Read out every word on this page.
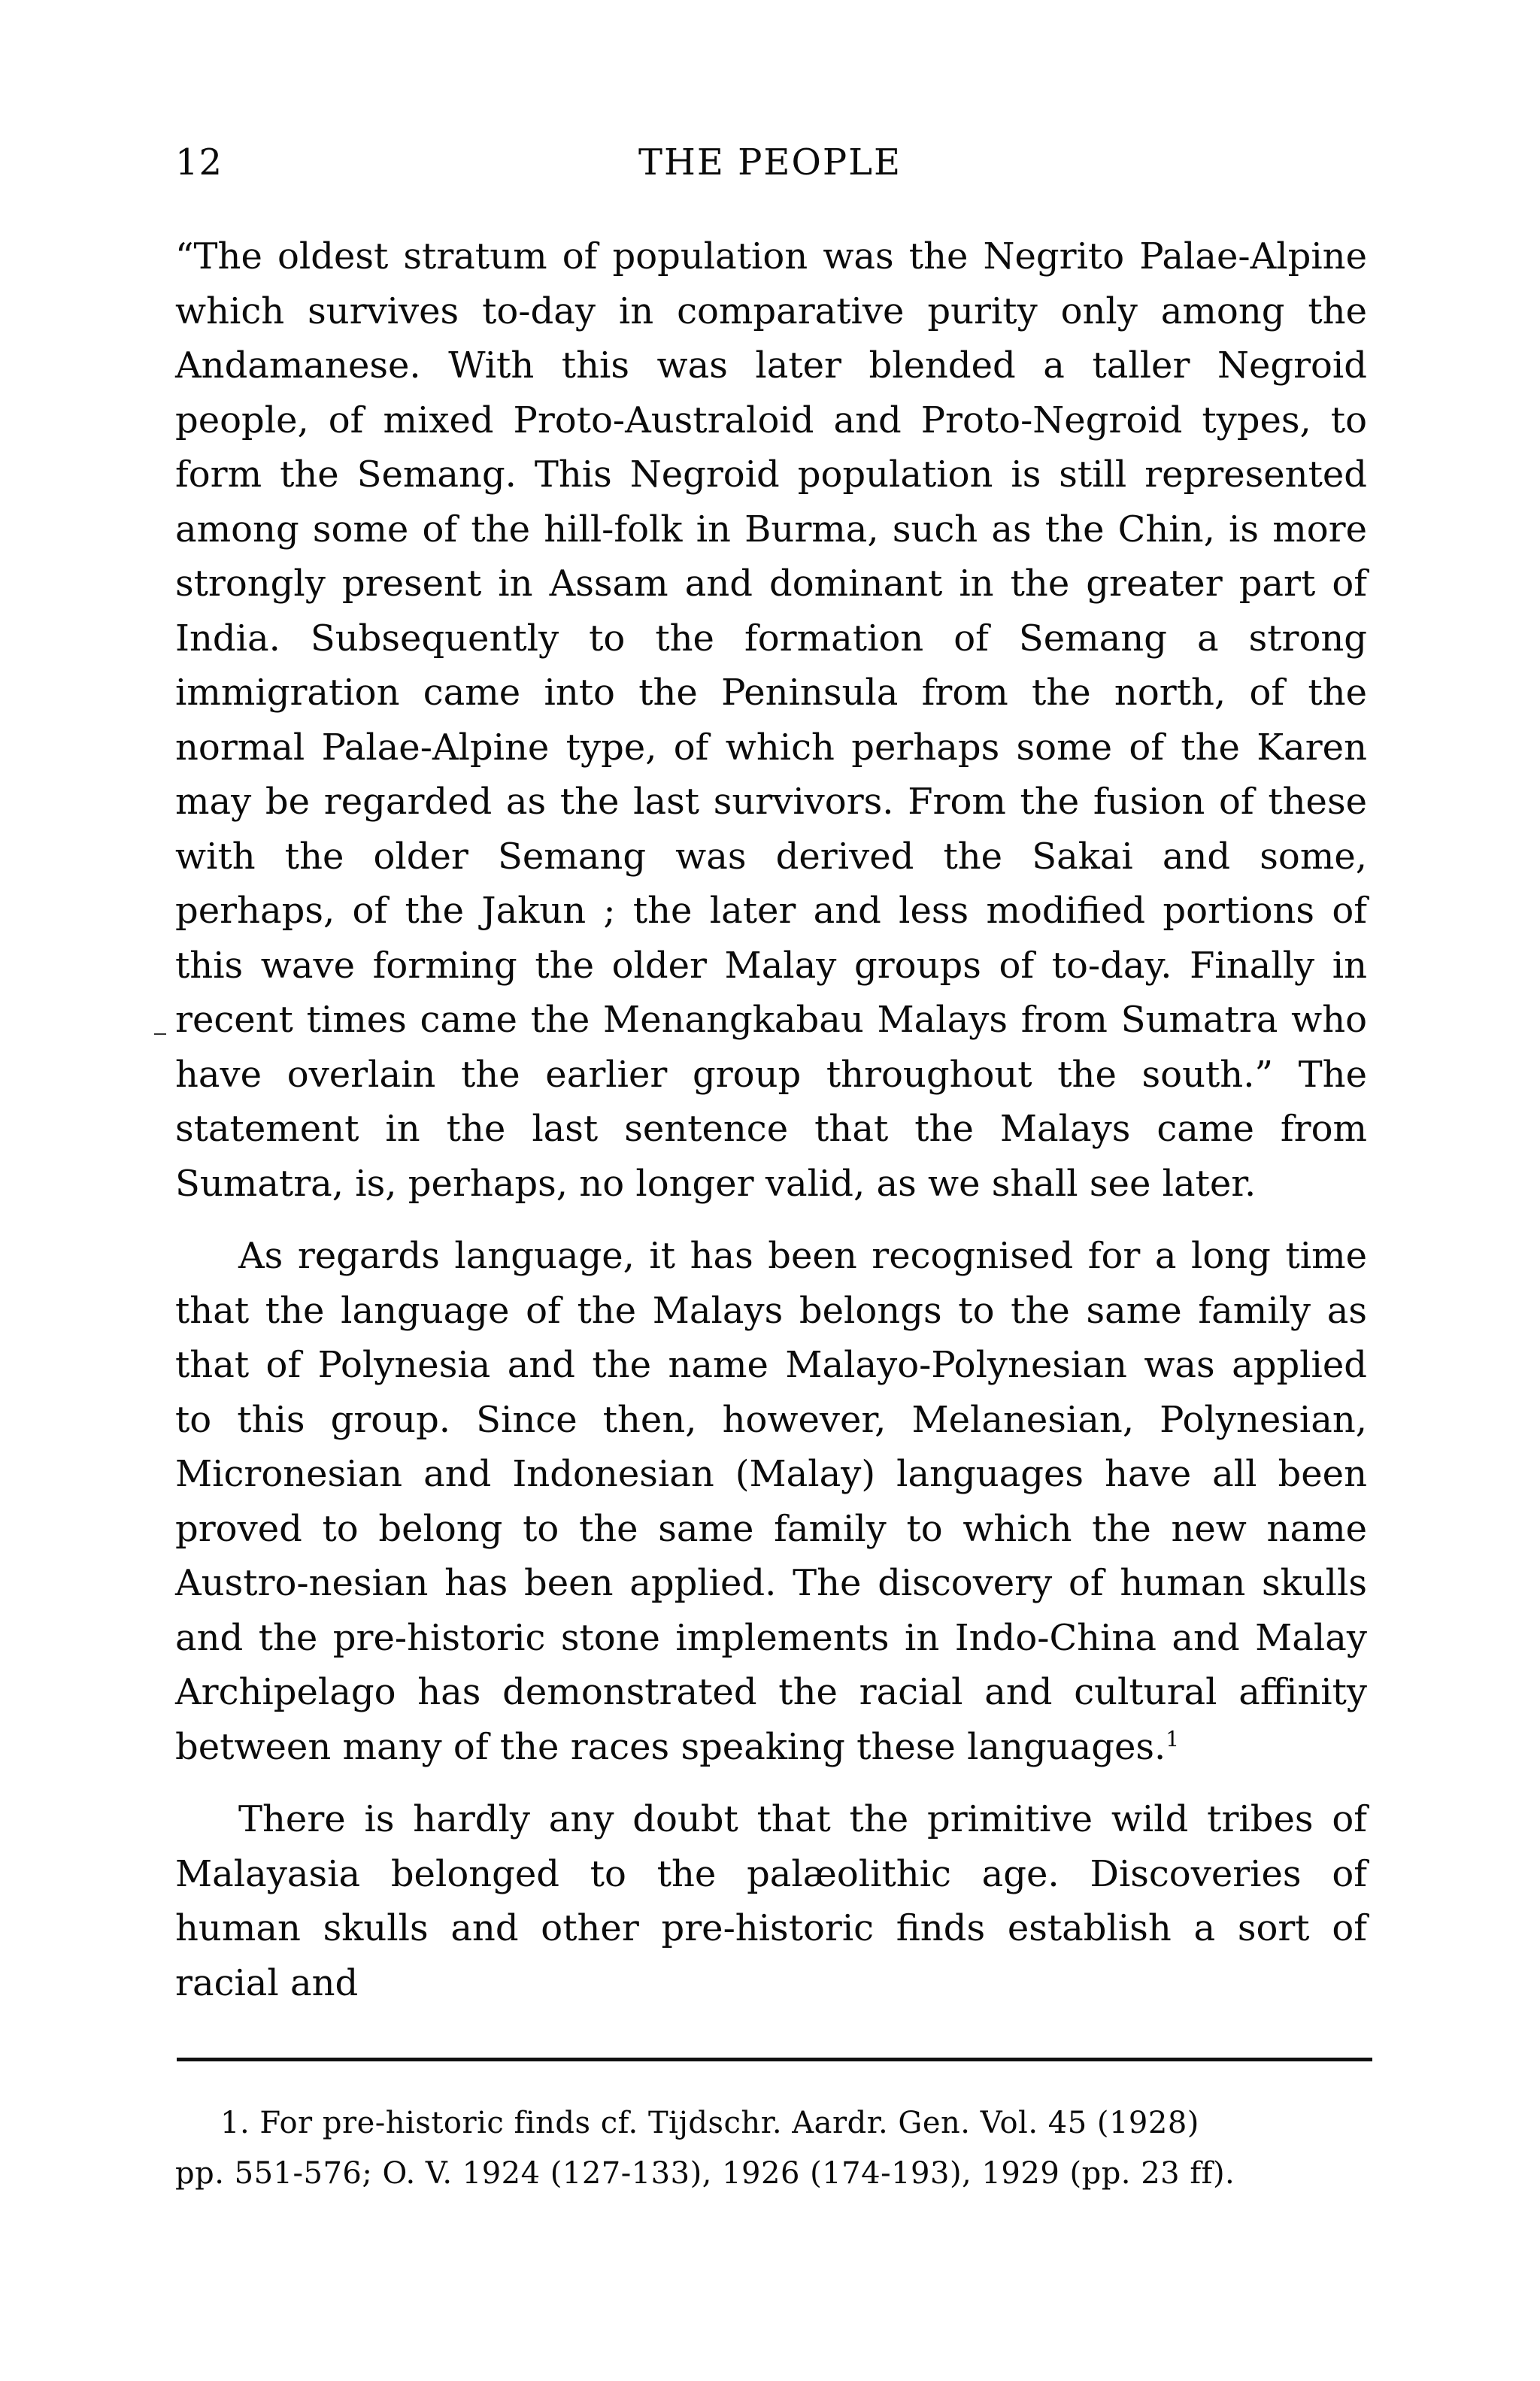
12	THE PEOPLE

“The oldest stratum of population was the Negrito Palae-Alpine which survives to-day in comparative purity only among the Andamanese. With this was later blended a taller Negroid people, of mixed Proto-Australoid and Proto-Negroid types, to form the Semang. This Negroid population is still represented among some of the hill-folk in Burma, such as the Chin, is more strongly present in Assam and dominant in the greater part of India. Subsequently to the formation of Semang a strong immigration came into the Peninsula from the north, of the normal Palae-Alpine type, of which perhaps some of the Karen may be regarded as the last survivors. From the fusion of these with the older Semang was derived the Sakai and some, perhaps, of the Jakun ; the later and less modified portions of this wave forming the older Malay groups of to-day. Finally in recent times came the Menangkabau Malays from Sumatra who have overlain the earlier group throughout the south.” The statement in the last sentence that the Malays came from Sumatra, is, perhaps, no longer valid, as we shall see later.

As regards language, it has been recognised for a long time that the language of the Malays belongs to the same family as that of Polynesia and the name Malayo-Polynesian was applied to this group. Since then, however, Melanesian, Polynesian, Micronesian and Indonesian (Malay) languages have all been proved to belong to the same family to which the new name Austro-nesian has been applied. The discovery of human skulls and the pre-historic stone implements in Indo-China and Malay Archipelago has demonstrated the racial and cultural affinity between many of the races speaking these languages.$^1$

There is hardly any doubt that the primitive wild tribes of Malayasia belonged to the palæolithic age. Discoveries of human skulls and other pre-historic finds establish a sort of racial and

1. For pre-historic finds cf. Tijdschr. Aardr. Gen. Vol. 45 (1928)
pp. 551-576; O. V. 1924 (127-133), 1926 (174-193), 1929 (pp. 23 ff).
